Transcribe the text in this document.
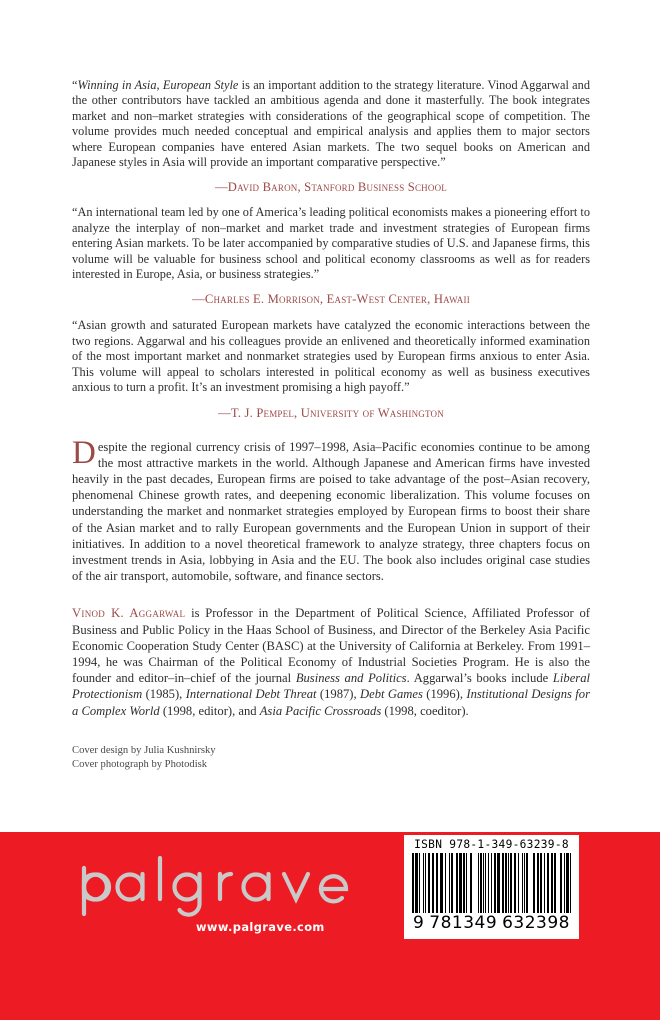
“Winning in Asia, European Style is an important addition to the strategy literature. Vinod Aggarwal and the other contributors have tackled an ambitious agenda and done it masterfully. The book integrates market and non–market strategies with considerations of the geographical scope of competition. The volume provides much needed conceptual and empirical analysis and applies them to major sectors where European companies have entered Asian markets. The two sequel books on American and Japanese styles in Asia will provide an important comparative perspective.”

—David Baron, Stanford Business School

“An international team led by one of America’s leading political economists makes a pioneering effort to analyze the interplay of non–market and market trade and investment strategies of European firms entering Asian markets. To be later accompanied by comparative studies of U.S. and Japanese firms, this volume will be valuable for business school and political economy classrooms as well as for readers interested in Europe, Asia, or business strategies.”

—Charles E. Morrison, East-West Center, Hawaii

“Asian growth and saturated European markets have catalyzed the economic interactions between the two regions. Aggarwal and his colleagues provide an enlivened and theoretically informed examination of the most important market and nonmarket strategies used by European firms anxious to enter Asia. This volume will appeal to scholars interested in political economy as well as business executives anxious to turn a profit. It’s an investment promising a high payoff.”

—T. J. Pempel, University of Washington

Despite the regional currency crisis of 1997–1998, Asia–Pacific economies continue to be among the most attractive markets in the world. Although Japanese and American firms have invested heavily in the past decades, European firms are poised to take advantage of the post–Asian recovery, phenomenal Chinese growth rates, and deepening economic liberalization. This volume focuses on understanding the market and nonmarket strategies employed by European firms to boost their share of the Asian market and to rally European governments and the European Union in support of their initiatives. In addition to a novel theoretical framework to analyze strategy, three chapters focus on investment trends in Asia, lobbying in Asia and the EU. The book also includes original case studies of the air transport, automobile, software, and finance sectors.

Vinod K. Aggarwal is Professor in the Department of Political Science, Affiliated Professor of Business and Public Policy in the Haas School of Business, and Director of the Berkeley Asia Pacific Economic Cooperation Study Center (BASC) at the University of California at Berkeley. From 1991–1994, he was Chairman of the Political Economy of Industrial Societies Program. He is also the founder and editor–in–chief of the journal Business and Politics. Aggarwal’s books include Liberal Protectionism (1985), International Debt Threat (1987), Debt Games (1996), Institutional Designs for a Complex World (1998, editor), and Asia Pacific Crossroads (1998, coeditor).

Cover design by Julia Kushnirsky
Cover photograph by Photodisk
www.palgrave.com
ISBN 978-1-349-63239-8
9 781349 632398
